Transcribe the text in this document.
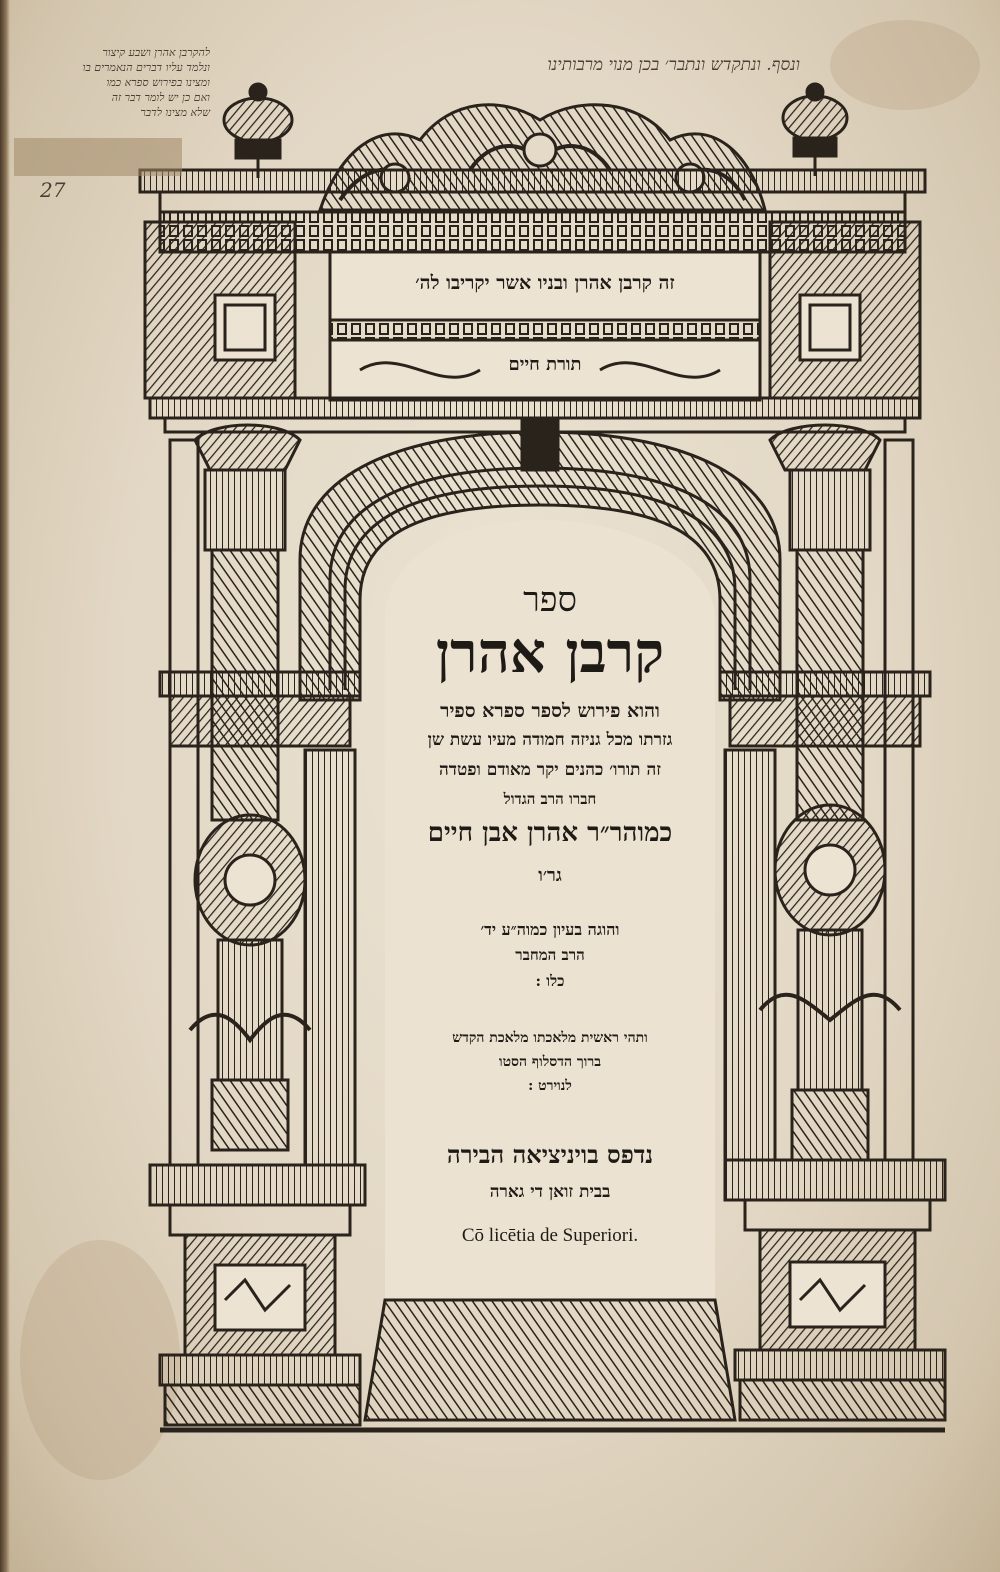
ונסף. ונתקדש ונתבר׳ בכן מנוי מרבותינו
להקרבן אהרן ושבע קיצור
ונלמד עליו דברים הנאמרים בו
ומצינו בפירוש ספרא כמו
ואם כן יש לומר דבר זה
שלא מצינו לדבר
27
זה קרבן אהרן ובניו אשר יקריבו לה׳
תורת חיים
ספר
קרבן אהרן
והוא פירוש לספר ספרא ספיר
גזרתו מכל גניזה חמודה מעיו עשת שן
זה תורו׳ כהנים יקר מאודם ופטדה
חברו הרב הגדול
כמוהר״ר אהרן אבן חיים
גר׳ו
והוגה בעיון כמוה״ע יד׳
הרב המחבר
כלו :
ותהי ראשית מלאכתו מלאכת הקדש
ברוך הדסלוף הסטו
לנוירט :
נדפס בויניציאה הבירה
בבית זואן די גארה
Cō licētia de Superiori.
